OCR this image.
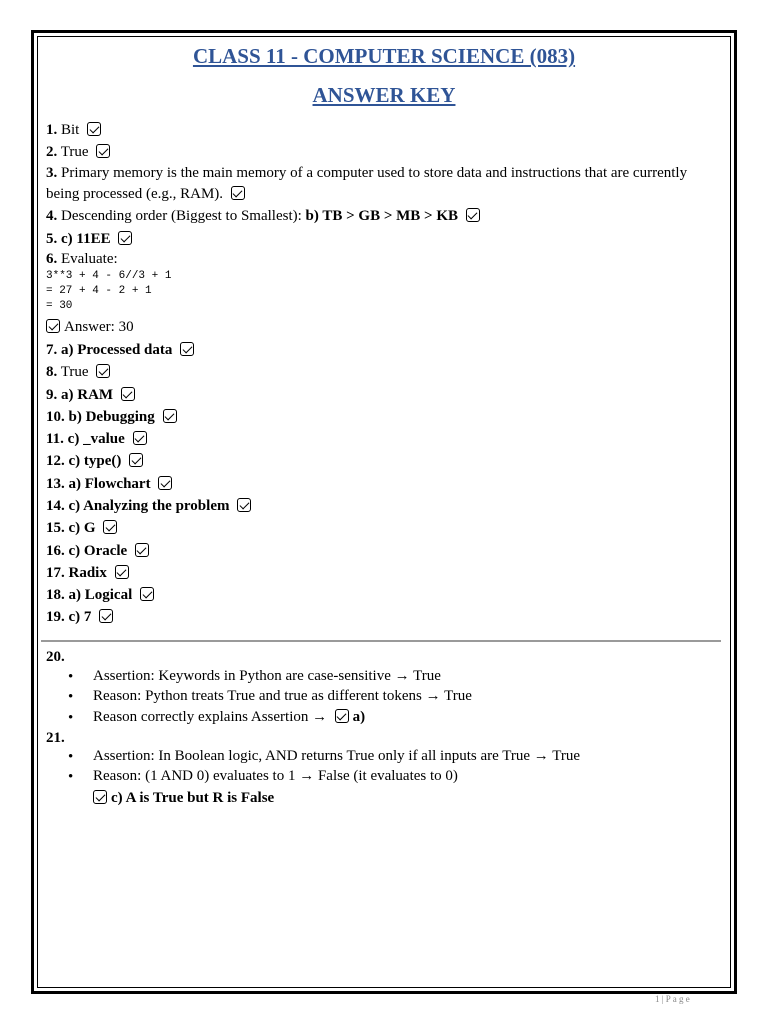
CLASS 11 - COMPUTER SCIENCE (083)
ANSWER KEY
1. Bit
2. True
3. Primary memory is the main memory of a computer used to store data and instructions that are currently being processed (e.g., RAM).
4. Descending order (Biggest to Smallest): b) TB > GB > MB > KB
5. c) 11EE
6. Evaluate:
3**3 + 4 - 6//3 + 1
= 27 + 4 - 2 + 1
= 30
Answer: 30
7. a) Processed data
8. True
9. a) RAM
10. b) Debugging
11. c) _value
12. c) type()
13. a) Flowchart
14. c) Analyzing the problem
15. c) G
16. c) Oracle
17. Radix
18. a) Logical
19. c) 7
20.
• Assertion: Keywords in Python are case-sensitive → True
• Reason: Python treats True and true as different tokens → True
• Reason correctly explains Assertion → a)
21.
• Assertion: In Boolean logic, AND returns True only if all inputs are True → True
• Reason: (1 AND 0) evaluates to 1 → False (it evaluates to 0)
c) A is True but R is False
1 | P a g e
